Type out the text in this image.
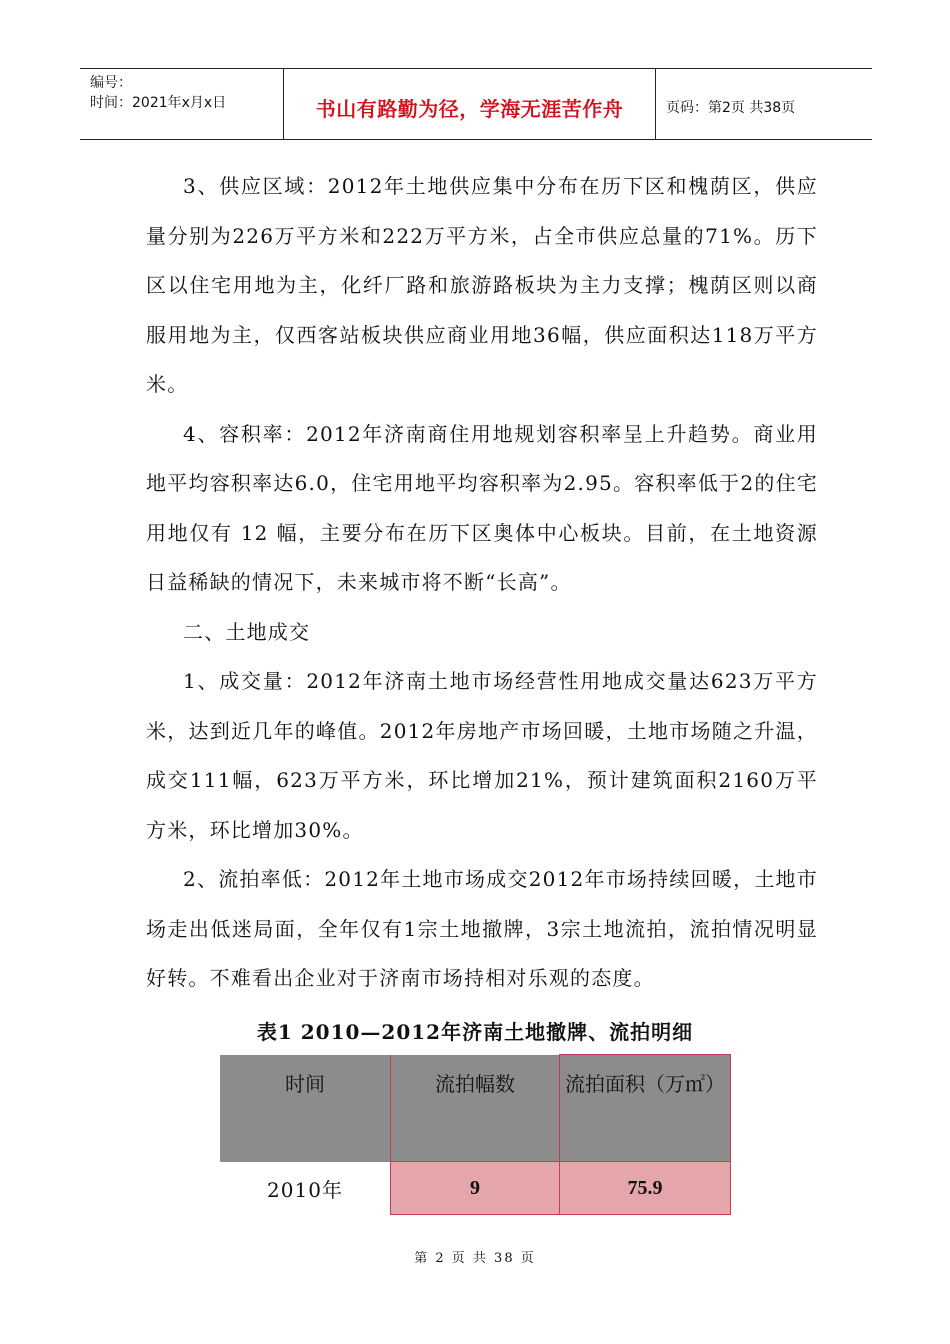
编号：
时间：2021年x月x日	书山有路勤为径，学海无涯苦作舟	页码：第2页 共38页

3、供应区域：2012年土地供应集中分布在历下区和槐荫区，供应量分别为226万平方米和222万平方米，占全市供应总量的71%。历下区以住宅用地为主，化纤厂路和旅游路板块为主力支撑；槐荫区则以商服用地为主，仅西客站板块供应商业用地36幅，供应面积达118万平方米。

4、容积率：2012年济南商住用地规划容积率呈上升趋势。商业用地平均容积率达6.0，住宅用地平均容积率为2.95。容积率低于2的住宅用地仅有 12 幅，主要分布在历下区奥体中心板块。目前，在土地资源日益稀缺的情况下，未来城市将不断“长高”。

二、土地成交

1、成交量：2012年济南土地市场经营性用地成交量达623万平方米，达到近几年的峰值。2012年房地产市场回暖，土地市场随之升温，成交111幅，623万平方米，环比增加21%，预计建筑面积2160万平方米，环比增加30%。

2、流拍率低：2012年土地市场成交2012年市场持续回暖，土地市场走出低迷局面，全年仅有1宗土地撤牌，3宗土地流拍，流拍情况明显好转。不难看出企业对于济南市场持相对乐观的态度。

表1 2010—2012年济南土地撤牌、流拍明细
时间	流拍幅数	流拍面积（万㎡）
2010年	9	75.9
第 2 页 共 38 页
